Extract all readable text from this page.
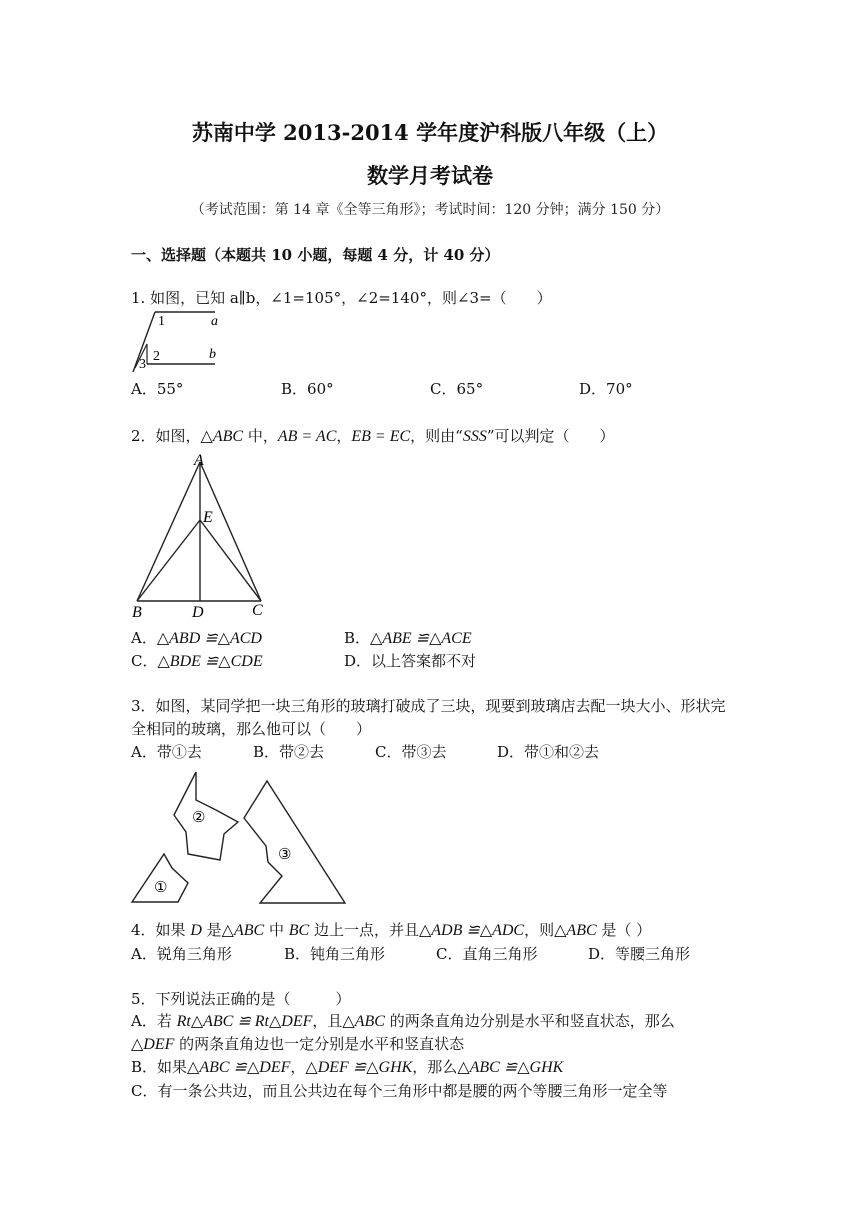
苏南中学 2013-2014 学年度沪科版八年级（上）
数学月考试卷
（考试范围：第 14 章《全等三角形》；考试时间：120 分钟；满分 150 分）
一、选择题（本题共 10 小题，每题 4 分，计 40 分）
1. 如图，已知 a∥b，∠1=105°，∠2=140°，则∠3=（　　）
1
2
3
a
b
A．55°	B．60°	C．65°	D．70°
2．如图，△ABC 中，AB = AC，EB = EC，则由“SSS”可以判定（　　）
A
E
B	D	C
A．△ABD ≌△ACD	B．△ABE ≌△ACE
C．△BDE ≌△CDE	D．以上答案都不对
3．如图，某同学把一块三角形的玻璃打破成了三块，现要到玻璃店去配一块大小、形状完
全相同的玻璃，那么他可以（　　）
A．带①去	B．带②去	C．带③去	D．带①和②去
①
②
③
4．如果 D 是△ABC 中 BC 边上一点，并且△ADB ≌△ADC，则△ABC 是（ ）
A．锐角三角形	B．钝角三角形	C．直角三角形	D．等腰三角形
5．下列说法正确的是（　　　）
A．若 Rt△ABC ≌ Rt△DEF，且△ABC 的两条直角边分别是水平和竖直状态，那么
△DEF 的两条直角边也一定分别是水平和竖直状态
B．如果△ABC ≌△DEF，△DEF ≌△GHK，那么△ABC ≌△GHK
C．有一条公共边，而且公共边在每个三角形中都是腰的两个等腰三角形一定全等
